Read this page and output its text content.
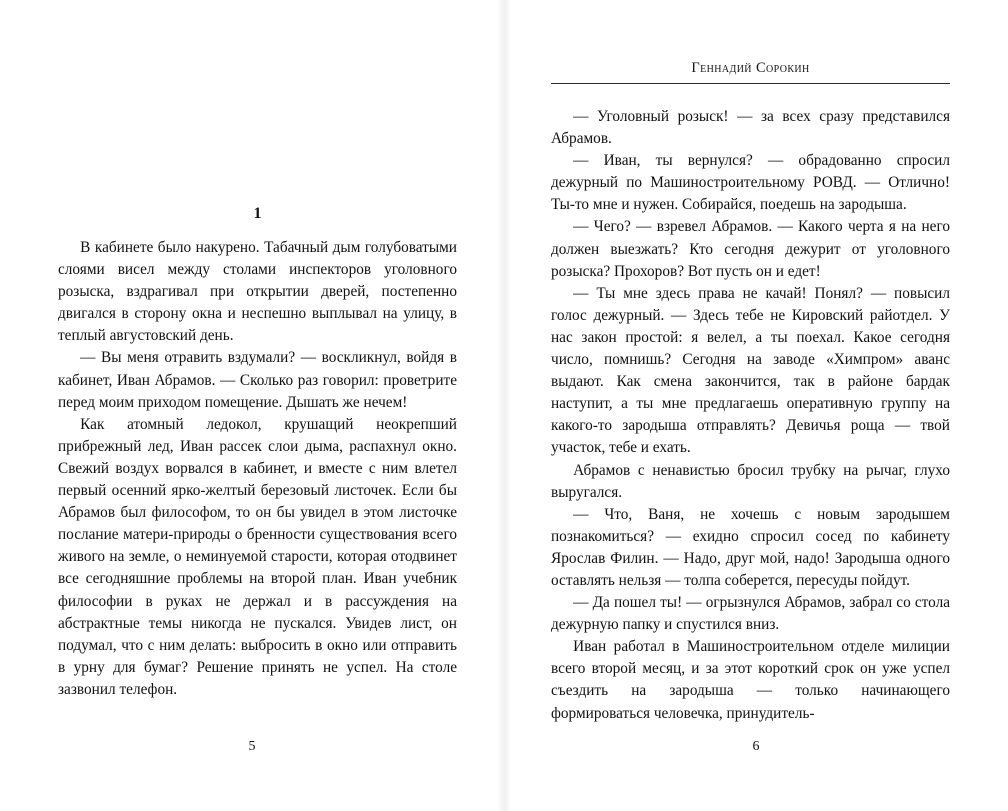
1

В кабинете было накурено. Табачный дым голубоватыми слоями висел между столами инспекторов уголовного розыска, вздрагивал при открытии дверей, постепенно двигался в сторону окна и неспешно выплывал на улицу, в теплый августовский день.

— Вы меня отравить вздумали? — воскликнул, войдя в кабинет, Иван Абрамов. — Сколько раз говорил: проветрите перед моим приходом помещение. Дышать же нечем!

Как атомный ледокол, крушащий неокрепший прибрежный лед, Иван рассек слои дыма, распахнул окно. Свежий воздух ворвался в кабинет, и вместе с ним влетел первый осенний ярко-желтый березовый листочек. Если бы Абрамов был философом, то он бы увидел в этом листочке послание матери-природы о бренности существования всего живого на земле, о неминуемой старости, которая отодвинет все сегодняшние проблемы на второй план. Иван учебник философии в руках не держал и в рассуждения на абстрактные темы никогда не пускался. Увидев лист, он подумал, что с ним делать: выбросить в окно или отправить в урну для бумаг? Решение принять не успел. На столе зазвонил телефон.

5
Геннадий Сорокин

— Уголовный розыск! — за всех сразу представился Абрамов.

— Иван, ты вернулся? — обрадованно спросил дежурный по Машиностроительному РОВД. — Отлично! Ты-то мне и нужен. Собирайся, поедешь на зародыша.

— Чего? — взревел Абрамов. — Какого черта я на него должен выезжать? Кто сегодня дежурит от уголовного розыска? Прохоров? Вот пусть он и едет!

— Ты мне здесь права не качай! Понял? — повысил голос дежурный. — Здесь тебе не Кировский райотдел. У нас закон простой: я велел, а ты поехал. Какое сегодня число, помнишь? Сегодня на заводе «Химпром» аванс выдают. Как смена закончится, так в районе бардак наступит, а ты мне предлагаешь оперативную группу на какого-то зародыша отправлять? Девичья роща — твой участок, тебе и ехать.

Абрамов с ненавистью бросил трубку на рычаг, глухо выругался.

— Что, Ваня, не хочешь с новым зародышем познакомиться? — ехидно спросил сосед по кабинету Ярослав Филин. — Надо, друг мой, надо! Зародыша одного оставлять нельзя — толпа соберется, пересуды пойдут.

— Да пошел ты! — огрызнулся Абрамов, забрал со стола дежурную папку и спустился вниз.

Иван работал в Машиностроительном отделе милиции всего второй месяц, и за этот короткий срок он уже успел съездить на зародыша — только начинающего формироваться человечка, принудитель-

6
